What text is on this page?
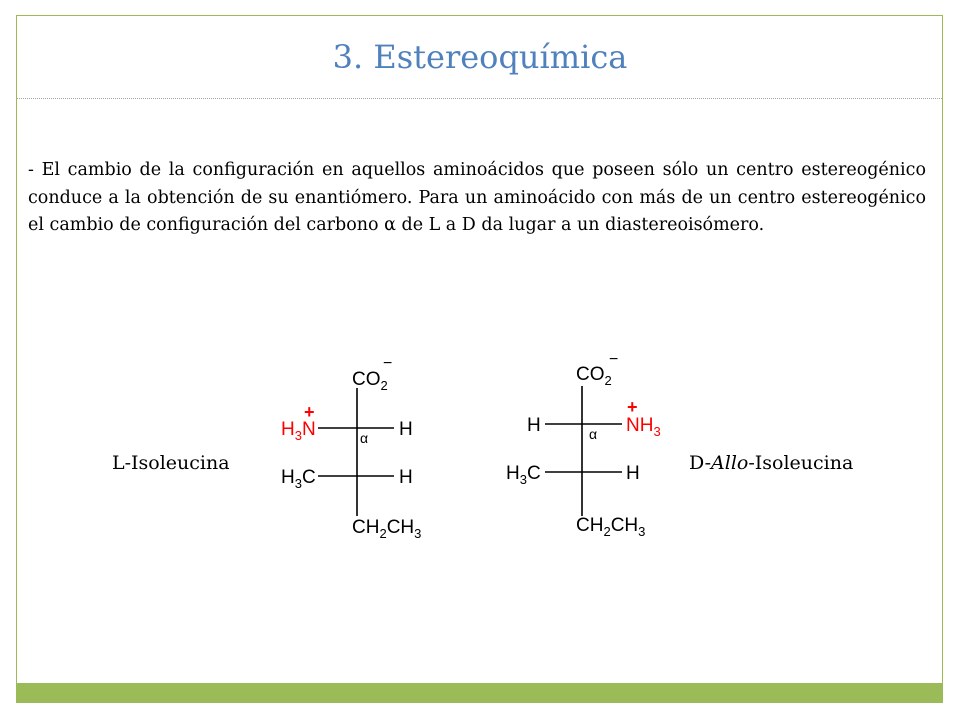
3. Estereoquímica
- El cambio de la configuración en aquellos aminoácidos que poseen sólo un centro estereogénico conduce a la obtención de su enantiómero. Para un aminoácido con más de un centro estereogénico el cambio de configuración del carbono α de L a D da lugar a un diastereoisómero.
L-Isoleucina	D-Allo-Isoleucina
$CO_2$
−
+
$H_3N$	α H
$H_3C$	H
$CH_2CH_3$
$CO_2$
−
H	α
+
$NH_3$
$H_3C$	H
$CH_2CH_3$
